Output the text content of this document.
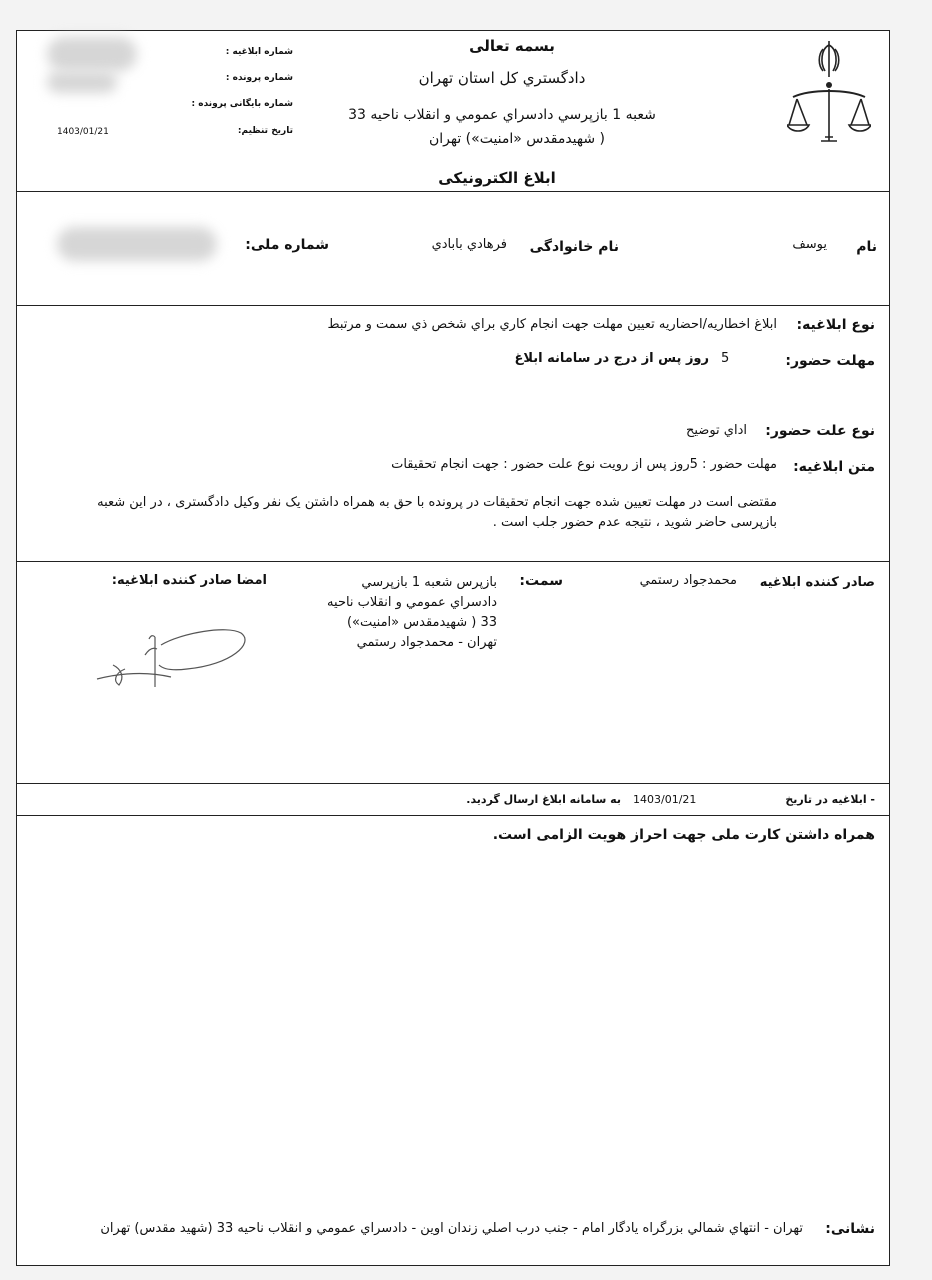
بسمه تعالی
دادگستري كل استان تهران
شعبه 1 بازپرسي دادسراي عمومي و انقلاب ناحيه 33
( شهيدمقدس «امنيت») تهران
شماره ابلاغیه :
شماره پرونده :
شماره بایگانی پرونده :
تاریخ تنظیم:
1403/01/21
ابلاغ الكترونيكی
نام
يوسف
نام خانوادگی
فرهادي بابادي
شماره ملی:
نوع ابلاغیه:
ابلاغ اخطاريه/احضاريه تعيين مهلت جهت انجام كاري براي شخص ذي سمت و مرتبط
مهلت حضور:
5
روز پس از درج در سامانه ابلاغ
نوع علت حضور:
اداي توضيح
متن ابلاغیه:
مهلت حضور : 5روز پس از رويت نوع علت حضور : جهت انجام تحقيقات
مقتضی است در مهلت تعیین شده جهت انجام تحقیقات در پرونده با حق به همراه داشتن یک نفر وکیل دادگستری ، در این شعبه بازپرسی حاضر شوید ، نتیجه عدم حضور جلب است .
صادر کننده ابلاغیه
محمدجواد رستمي
سمت:
بازپرس شعبه 1 بازپرسي دادسراي عمومي و انقلاب ناحيه 33 ( شهيدمقدس «امنيت») تهران - محمدجواد رستمي
امضا صادر کننده ابلاغیه:
- ابلاغیه در تاریخ
1403/01/21
به سامانه ابلاغ ارسال گردید.
همراه داشتن كارت ملی جهت احراز هويت الزامی است.
نشانی:
تهران - انتهاي شمالي بزرگراه يادگار امام - جنب درب اصلي زندان اوين - دادسراي عمومي و انقلاب ناحيه 33 (شهيد مقدس) تهران
